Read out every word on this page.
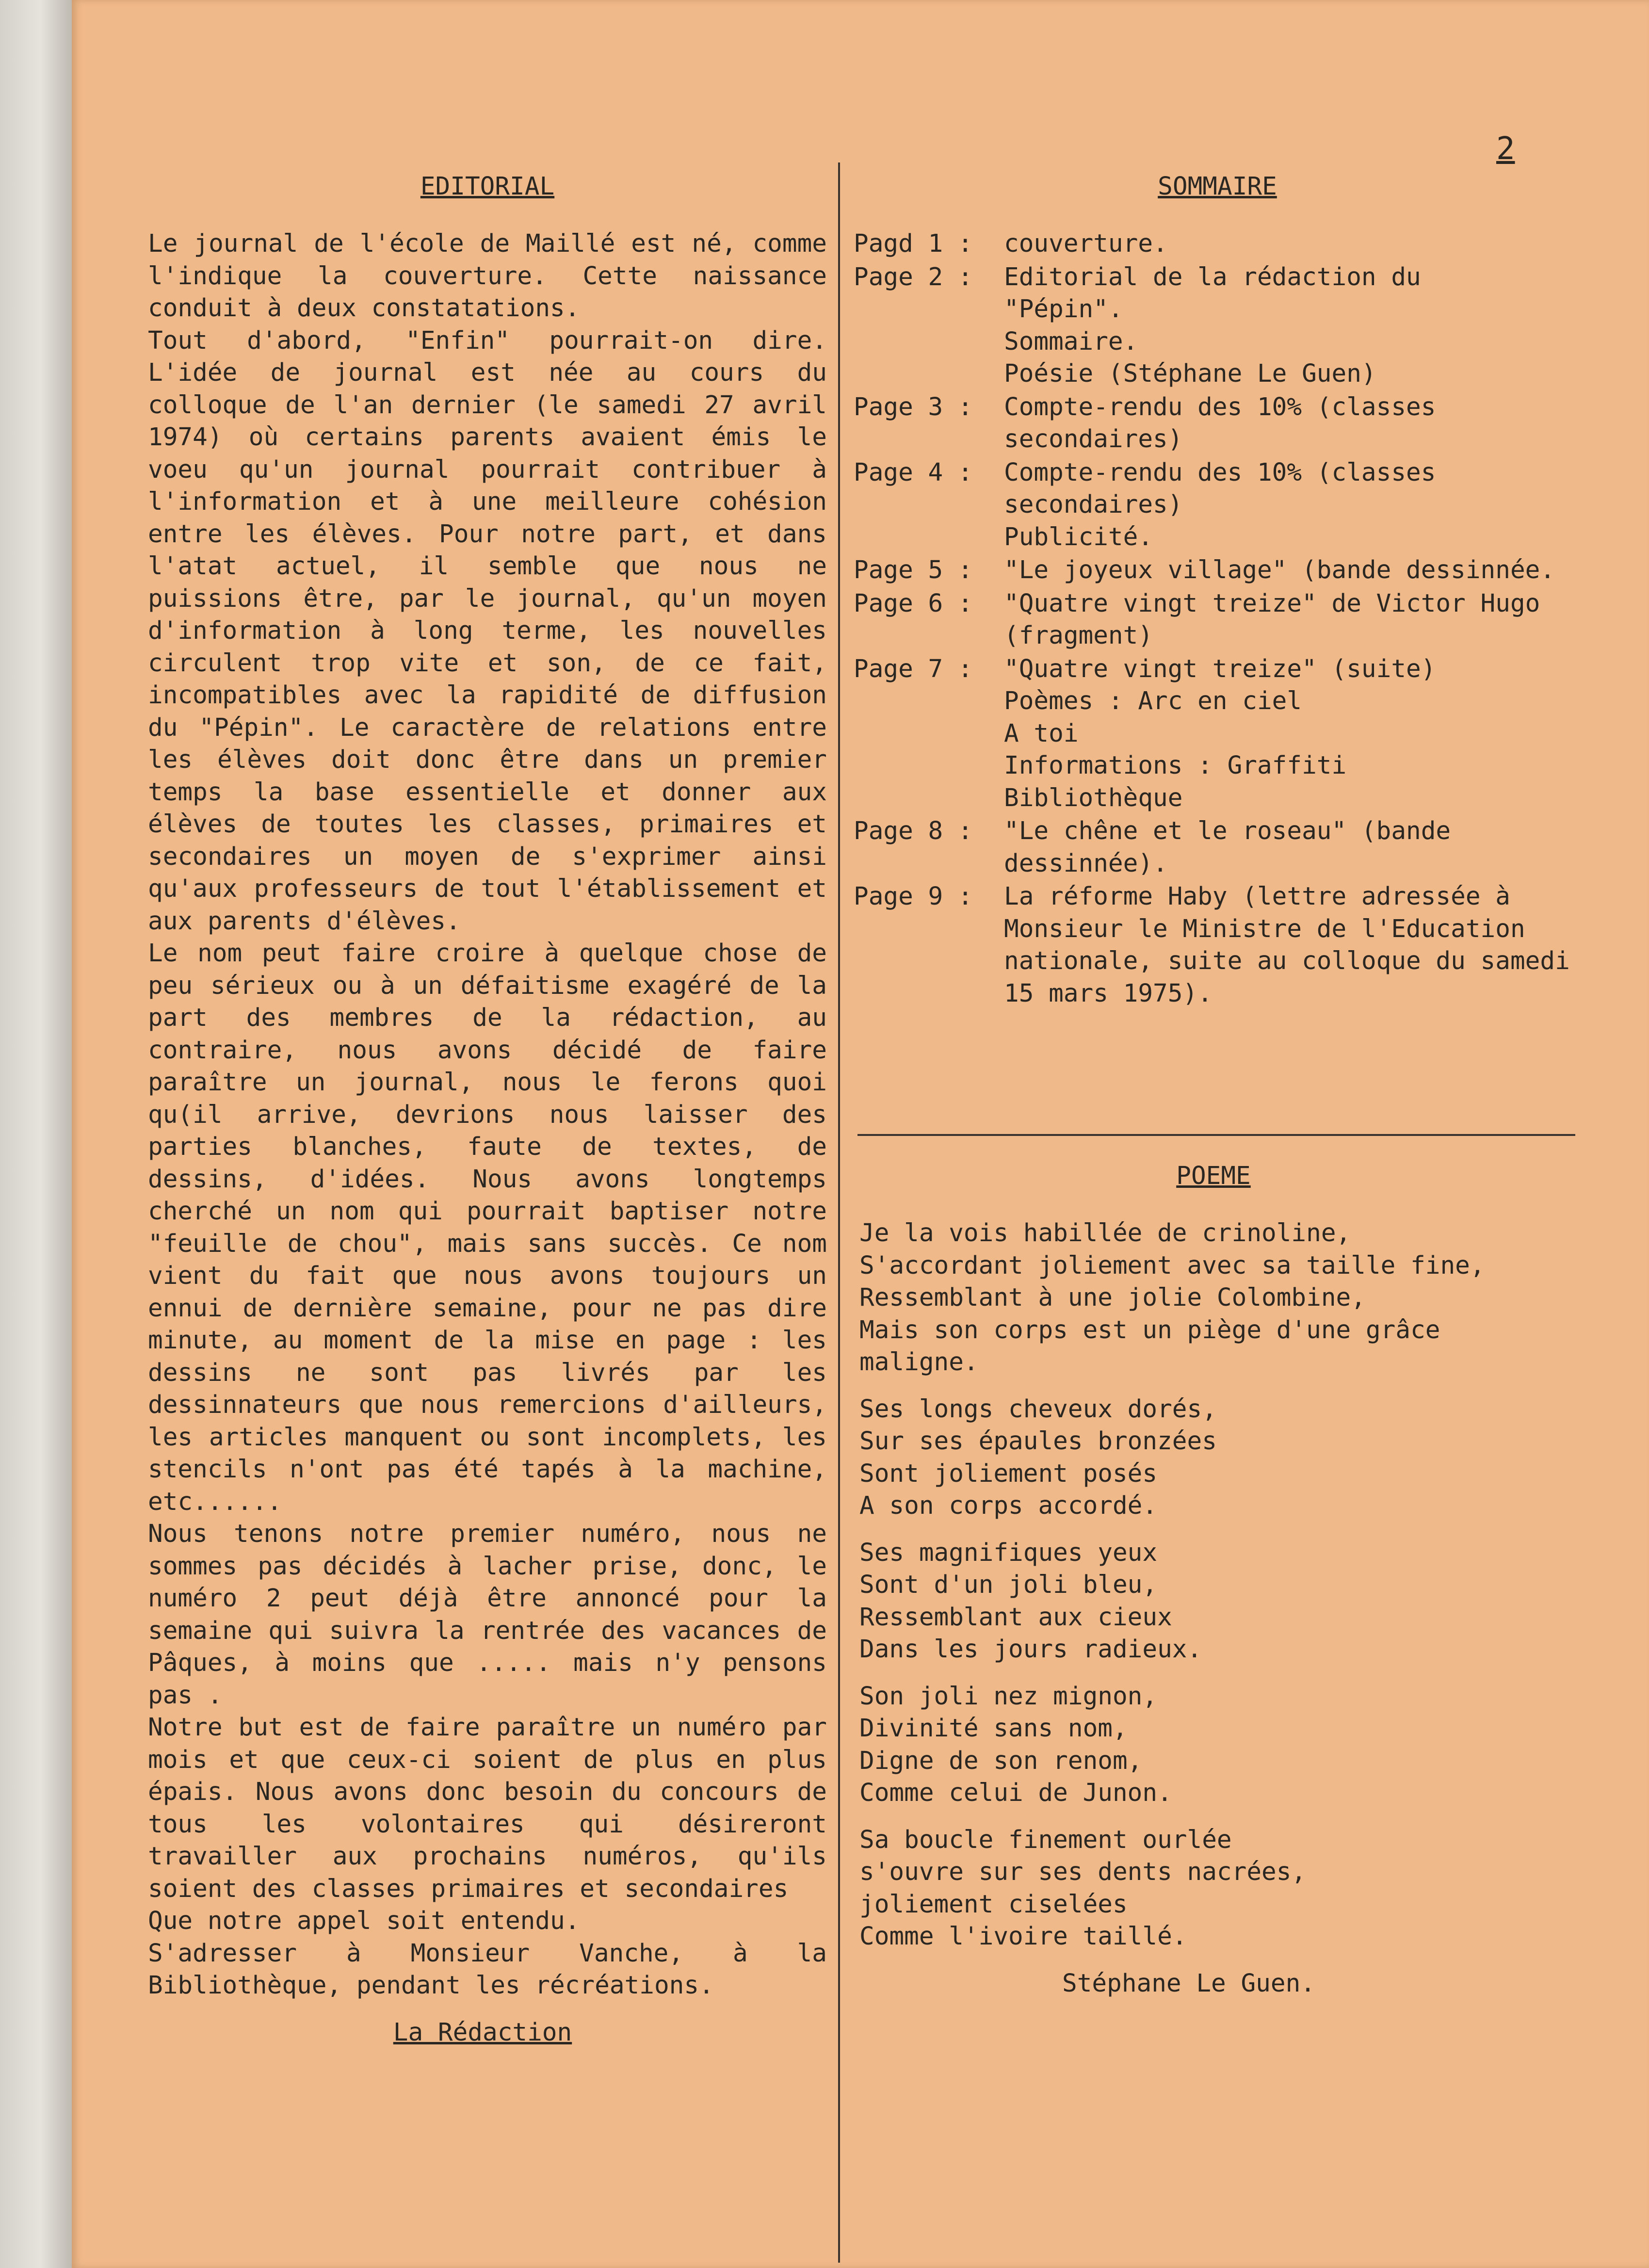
2
EDITORIAL

Le journal de l'école de Maillé est né, comme l'indique la couverture. Cette naissance conduit à deux constatations.

Tout d'abord, "Enfin" pourrait-on dire. L'idée de journal est née au cours du colloque de l'an dernier (le samedi 27 avril 1974) où certains parents avaient émis le voeu qu'un journal pourrait contribuer à l'information et à une meilleure cohésion entre les élèves. Pour notre part, et dans l'atat actuel, il semble que nous ne puissions être, par le journal, qu'un moyen d'information à long terme, les nouvelles circulent trop vite et son, de ce fait, incompatibles avec la rapidité de diffusion du "Pépin". Le caractère de relations entre les élèves doit donc être dans un premier temps la base essentielle et donner aux élèves de toutes les classes, primaires et secondaires un moyen de s'exprimer ainsi qu'aux professeurs de tout l'établissement et aux parents d'élèves.

Le nom peut faire croire à quelque chose de peu sérieux ou à un défaitisme exagéré de la part des membres de la rédaction, au contraire, nous avons décidé de faire paraître un journal, nous le ferons quoi qu(il arrive, devrions nous laisser des parties blanches, faute de textes, de dessins, d'idées. Nous avons longtemps cherché un nom qui pourrait baptiser notre "feuille de chou", mais sans succès. Ce nom vient du fait que nous avons toujours un ennui de dernière semaine, pour ne pas dire minute, au moment de la mise en page : les dessins ne sont pas livrés par les dessinnateurs que nous remercions d'ailleurs, les articles manquent ou sont incomplets, les stencils n'ont pas été tapés à la machine, etc......

Nous tenons notre premier numéro, nous ne sommes pas décidés à lacher prise, donc, le numéro 2 peut déjà être annoncé pour la semaine qui suivra la rentrée des vacances de Pâques, à moins que ..... mais n'y pensons pas .

Notre but est de faire paraître un numéro par mois et que ceux-ci soient de plus en plus épais. Nous avons donc besoin du concours de tous les volontaires qui désireront travailler aux prochains numéros, qu'ils soient des classes primaires et secondaires

Que notre appel soit entendu.

S'adresser à Monsieur Vanche, à la Bibliothèque, pendant les récréations.

La Rédaction
SOMMAIRE
Pagd 1 :	couverture.
Page 2 :	Editorial de la rédaction du
"Pépin".
Sommaire.
Poésie (Stéphane Le Guen)
Page 3 :	Compte-rendu des 10% (classes secondaires)
Page 4 :	Compte-rendu des 10% (classes secondaires)
Publicité.
Page 5 :	"Le joyeux village" (bande dessinnée.
Page 6 :	"Quatre vingt treize" de Victor Hugo (fragment)
Page 7 :	"Quatre vingt treize" (suite)
Poèmes : Arc en ciel
A toi
Informations : Graffiti
Bibliothèque
Page 8 :	"Le chêne et le roseau" (bande dessinnée).
Page 9 :	La réforme Haby (lettre adressée à Monsieur le Ministre de l'Education nationale, suite au colloque du samedi 15 mars 1975).
POEME

Je la vois habillée de crinoline,
S'accordant joliement avec sa taille fine,
Ressemblant à une jolie Colombine,
Mais son corps est un piège d'une grâce
maligne.

Ses longs cheveux dorés,
Sur ses épaules bronzées
Sont joliement posés
A son corps accordé.

Ses magnifiques yeux
Sont d'un joli bleu,
Ressemblant aux cieux
Dans les jours radieux.

Son joli nez mignon,
Divinité sans nom,
Digne de son renom,
Comme celui de Junon.

Sa boucle finement ourlée
s'ouvre sur ses dents nacrées,
joliement ciselées
Comme l'ivoire taillé.

Stéphane Le Guen.
